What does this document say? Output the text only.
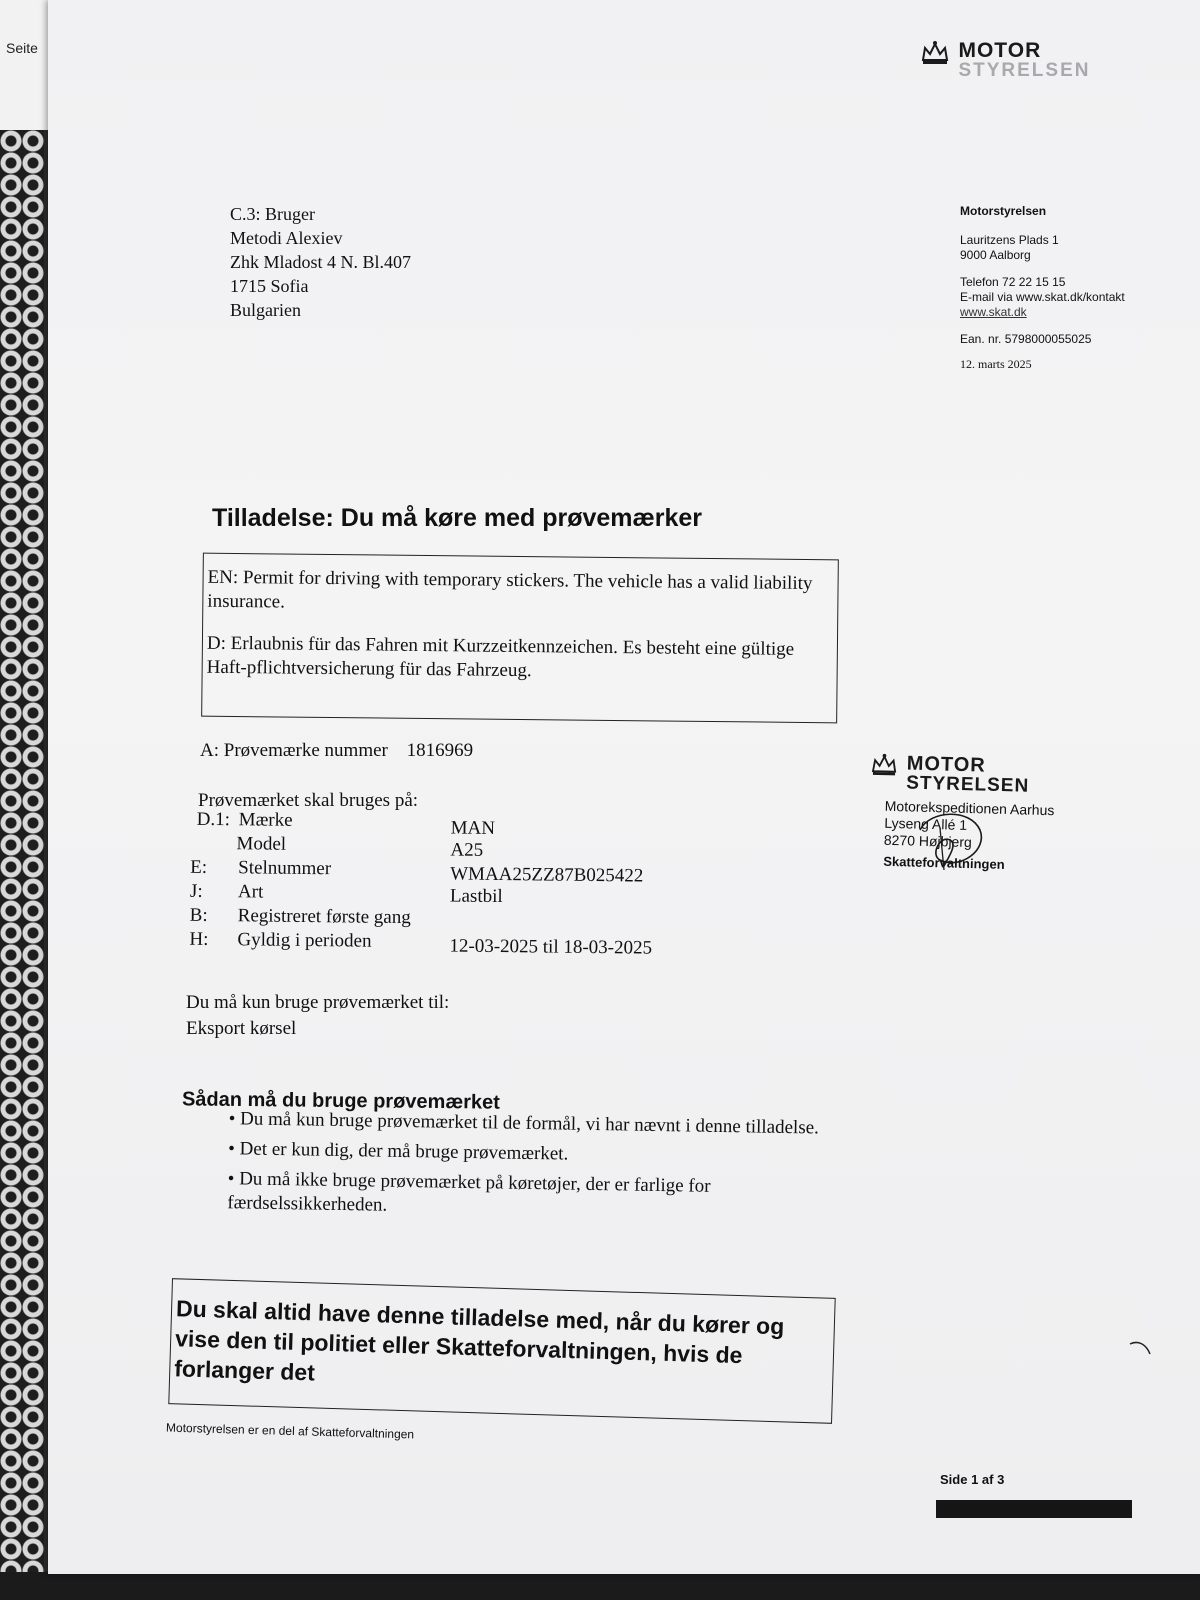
Seite
	MOTOR
STYRELSEN
C.3: Bruger
Metodi Alexiev
Zhk Mladost 4 N. Bl.407
1715 Sofia
Bulgarien
Motorstyrelsen
Lauritzens Plads 1
9000 Aalborg
Telefon 72 22 15 15
E-mail via www.skat.dk/kontakt
www.skat.dk
Ean. nr. 5798000055025
12. marts 2025
Tilladelse: Du må køre med prøvemærker

EN: Permit for driving with temporary stickers. The vehicle has a valid liability insurance.

D: Erlaubnis für das Fahren mit Kurzzeitkennzeichen. Es besteht eine gültige Haft-pflichtversicherung für das Fahrzeug.

A: Prøvemærke nummer 1816969
Prøvemærket skal bruges på:
D.1: Mærke	MAN
Model	A25
E: Stelnummer	WMAA25ZZ87B025422
J: Art	Lastbil
B: Registreret første gang
H: Gyldig i perioden	12-03-2025 til 18-03-2025
Du må kun bruge prøvemærket til:
Eksport kørsel
Sådan må du bruge prøvemærket
• Du må kun bruge prøvemærket til de formål, vi har nævnt i denne tilladelse.
• Det er kun dig, der må bruge prøvemærket.
• Du må ikke bruge prøvemærket på køretøjer, der er farlige for færdselssikkerheden.

MOTOR
STYRELSEN
Motorekspeditionen Aarhus
Lyseng Allé 1
8270 Højbjerg
Skatteforvaltningen
Du skal altid have denne tilladelse med, når du kører og vise den til politiet eller Skatteforvaltningen, hvis de forlanger det
Motorstyrelsen er en del af Skatteforvaltningen
Side 1 af 3
